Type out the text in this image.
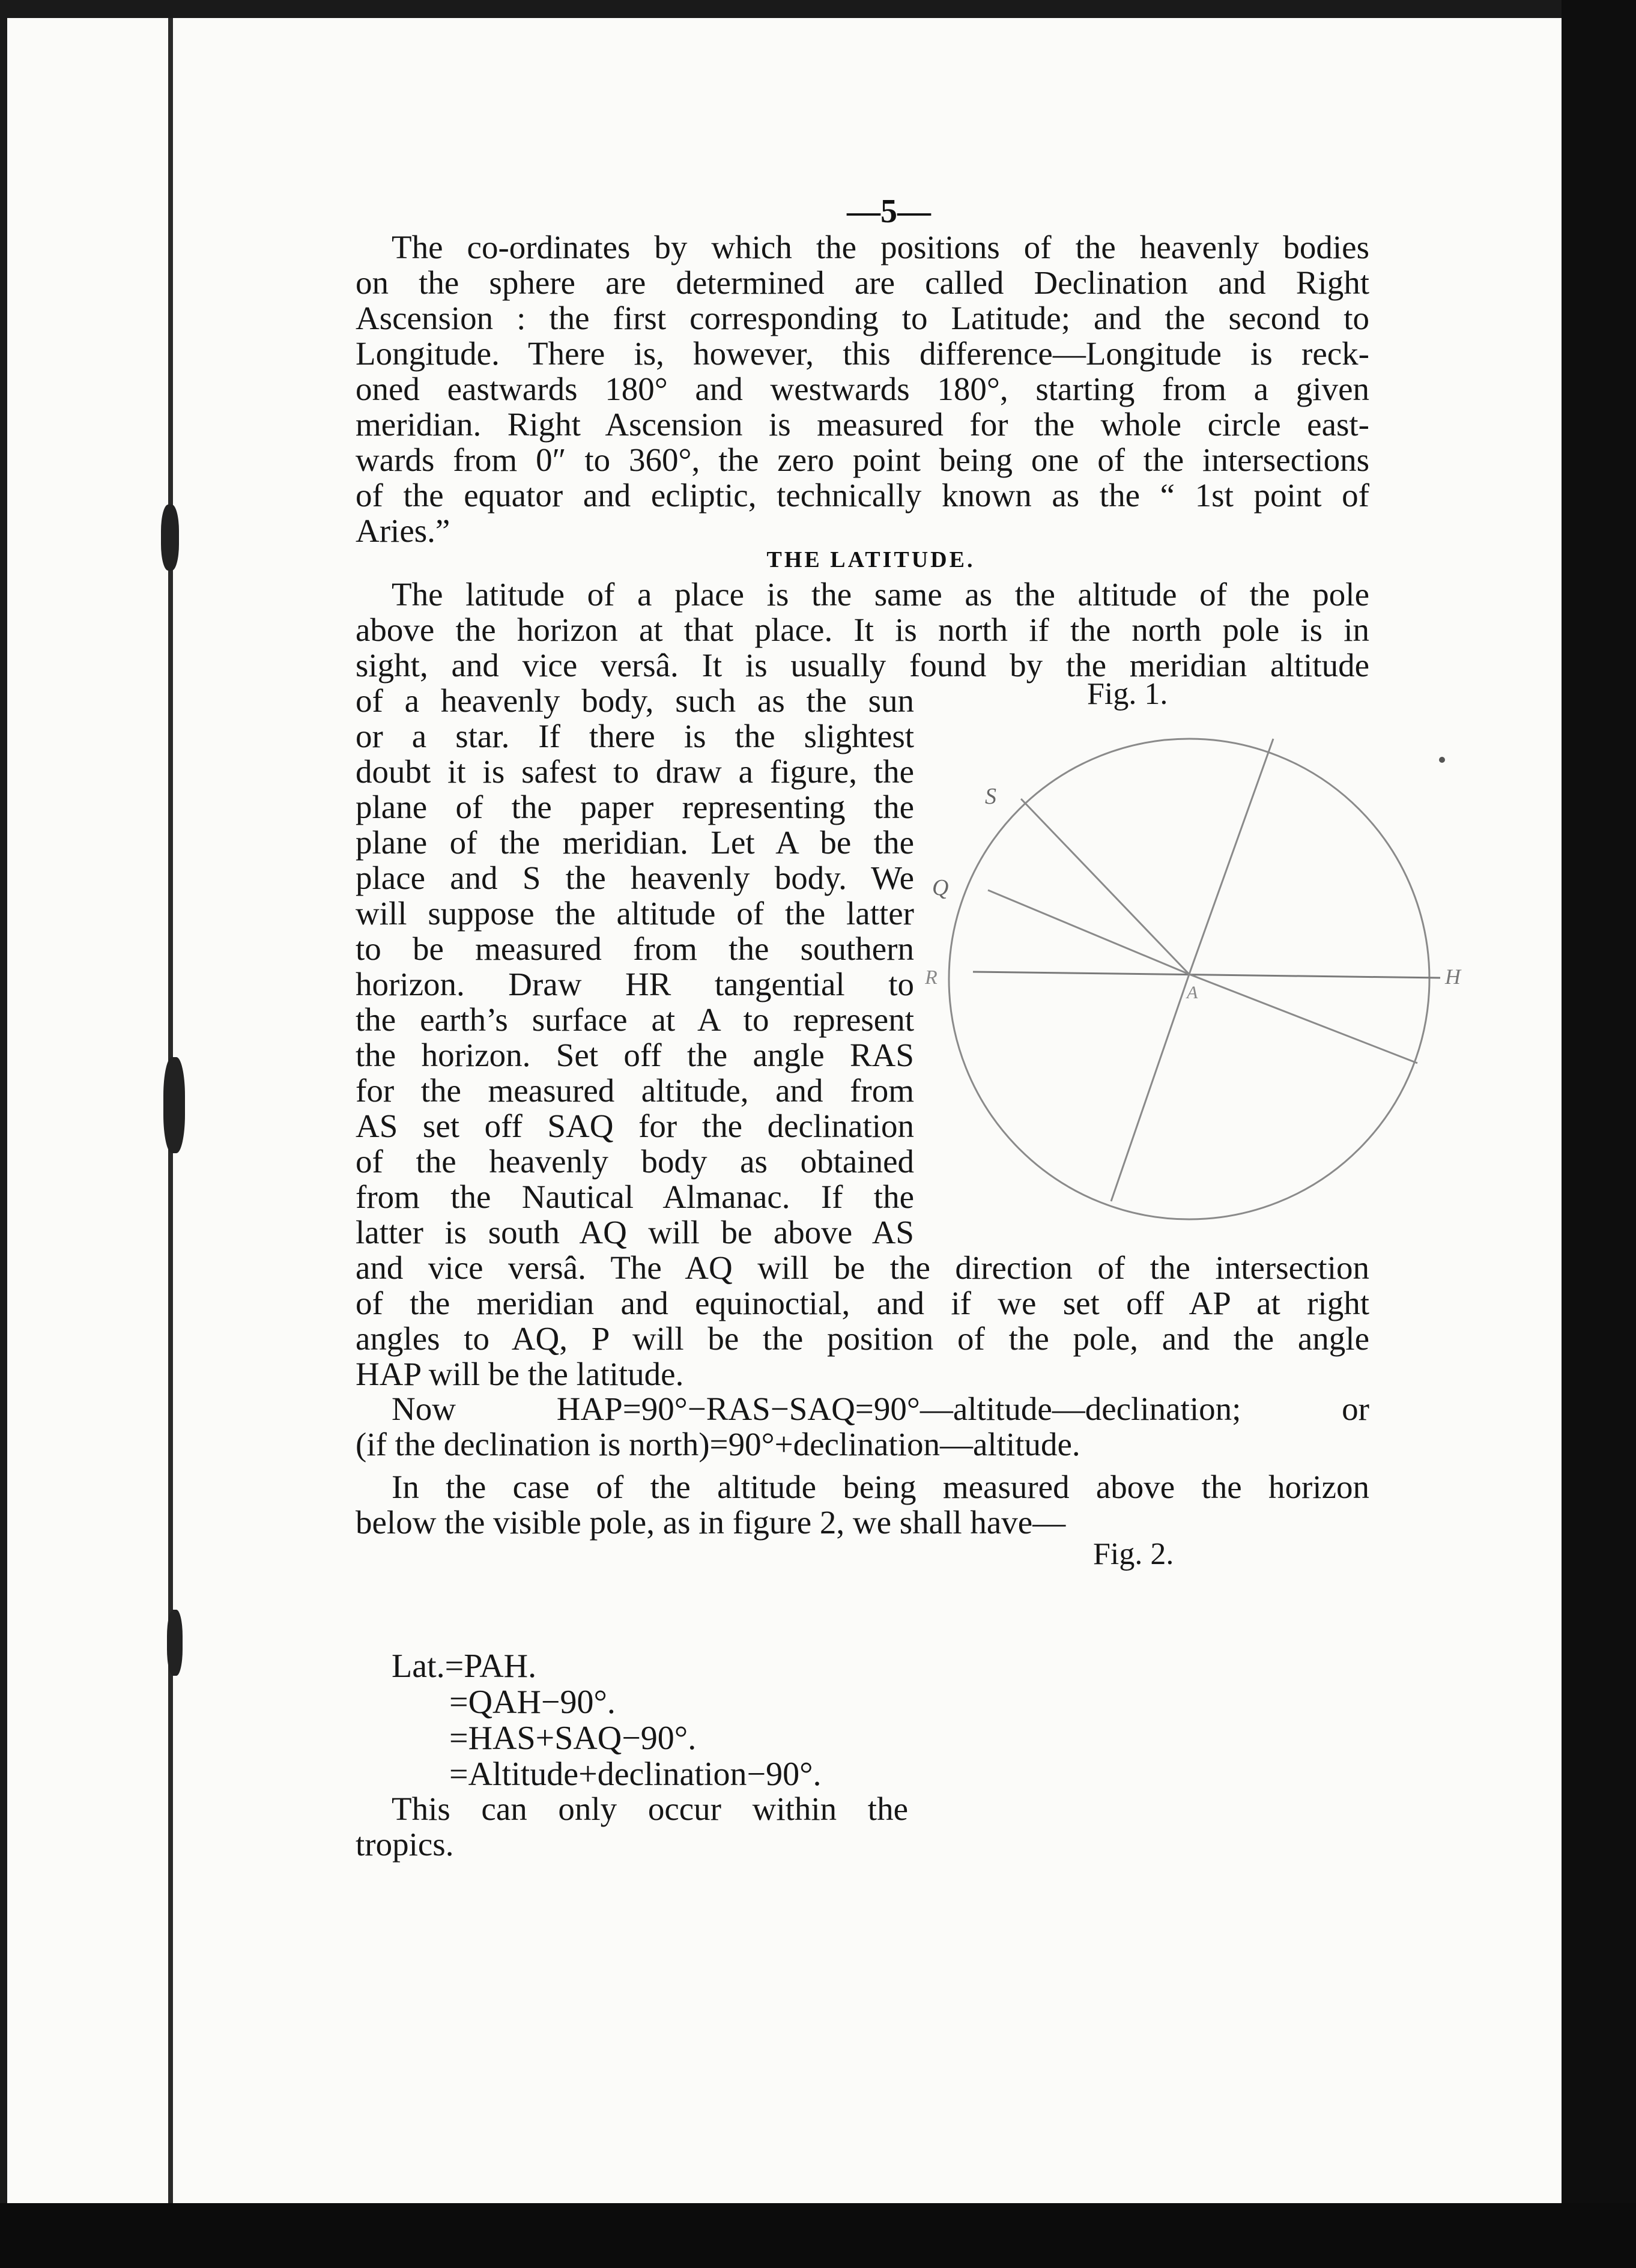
—5—

The co-ordinates by which the positions of the heavenly bodies

on the sphere are determined are called Declination and Right

Ascension : the first corresponding to Latitude; and the second to

Longitude. There is, however, this difference—Longitude is reck-

oned eastwards 180° and westwards 180°, starting from a given

meridian. Right Ascension is measured for the whole circle east-

wards from 0″ to 360°, the zero point being one of the intersections

of the equator and ecliptic, technically known as the “ 1st point of

Aries.”

THE LATITUDE.

The latitude of a place is the same as the altitude of the pole

above the horizon at that place. It is north if the north pole is in

sight, and vice versâ. It is usually found by the meridian altitude

Fig. 1.

of a heavenly body, such as the sun

or a star. If there is the slightest

doubt it is safest to draw a figure, the

plane of the paper representing the

plane of the meridian. Let A be the

place and S the heavenly body. We

will suppose the altitude of the latter

to be measured from the southern

horizon. Draw HR tangential to

the earth’s surface at A to represent

the horizon. Set off the angle RAS

for the measured altitude, and from

AS set off SAQ for the declination

of the heavenly body as obtained

from the Nautical Almanac. If the

latter is south AQ will be above AS

S
Q
R
A
H

and vice versâ. The AQ will be the direction of the intersection

of the meridian and equinoctial, and if we set off AP at right

angles to AQ, P will be the position of the pole, and the angle

HAP will be the latitude.

Now HAP=90°−RAS−SAQ=90°—altitude—declination; or

(if the declination is north)=90°+declination—altitude.

In the case of the altitude being measured above the horizon

below the visible pole, as in figure 2, we shall have—

Fig. 2.
Lat.=PAH.
=QAH−90°.
=HAS+SAQ−90°.
=Altitude+declination−90°.

This can only occur within the

tropics.
